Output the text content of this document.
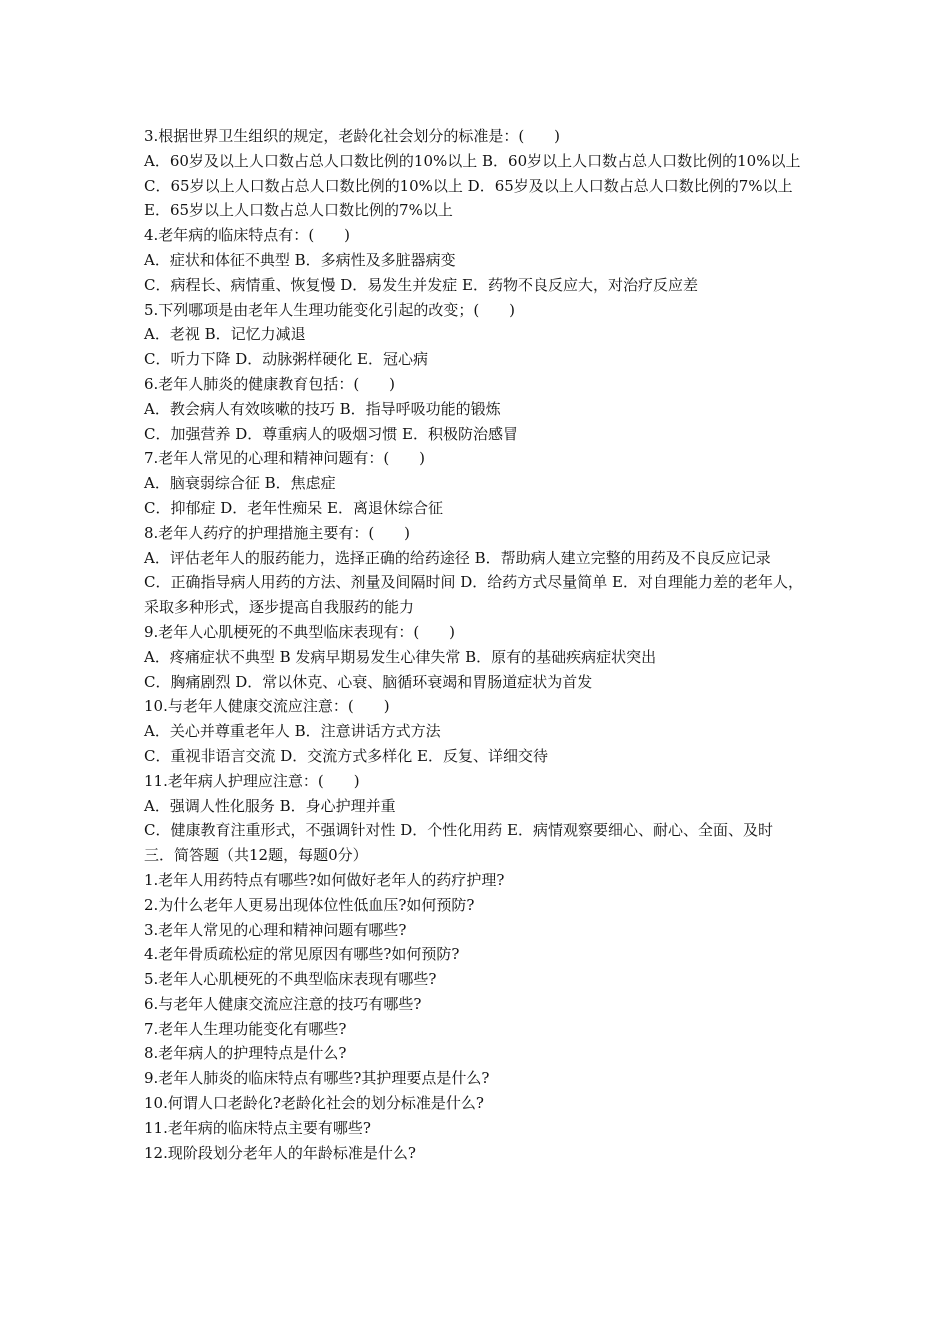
3.根据世界卫生组织的规定，老龄化社会划分的标准是：(　　)
A．60岁及以上人口数占总人口数比例的10%以上 B．60岁以上人口数占总人口数比例的10%以上
C．65岁以上人口数占总人口数比例的10%以上 D．65岁及以上人口数占总人口数比例的7%以上 E．65岁以上人口数占总人口数比例的7%以上
4.老年病的临床特点有：(　　)
A．症状和体征不典型 B．多病性及多脏器病变
C．病程长、病情重、恢复慢 D．易发生并发症 E．药物不良反应大，对治疗反应差
5.下列哪项是由老年人生理功能变化引起的改变；(　　)
A．老视 B．记忆力减退
C．听力下降 D．动脉粥样硬化 E．冠心病
6.老年人肺炎的健康教育包括：(　　)
A．教会病人有效咳嗽的技巧 B．指导呼吸功能的锻炼
C．加强营养 D．尊重病人的吸烟习惯 E．积极防治感冒
7.老年人常见的心理和精神问题有：(　　)
A．脑衰弱综合征 B．焦虑症
C．抑郁症 D．老年性痴呆 E．离退休综合征
8.老年人药疗的护理措施主要有：(　　)
A．评估老年人的服药能力，选择正确的给药途径 B．帮助病人建立完整的用药及不良反应记录
C．正确指导病人用药的方法、剂量及间隔时间 D．给药方式尽量简单 E．对自理能力差的老年人，采取多种形式，逐步提高自我服药的能力
9.老年人心肌梗死的不典型临床表现有：(　　)
A．疼痛症状不典型 B 发病早期易发生心律失常 B．原有的基础疾病症状突出
C．胸痛剧烈 D．常以休克、心衰、脑循环衰竭和胃肠道症状为首发
10.与老年人健康交流应注意：(　　)
A．关心并尊重老年人 B．注意讲话方式方法
C．重视非语言交流 D．交流方式多样化 E．反复、详细交待
11.老年病人护理应注意：(　　)
A．强调人性化服务 B．身心护理并重
C．健康教育注重形式，不强调针对性 D．个性化用药 E．病情观察要细心、耐心、全面、及时
三．简答题（共12题，每题0分）
1.老年人用药特点有哪些?如何做好老年人的药疗护理?
2.为什么老年人更易出现体位性低血压?如何预防?
3.老年人常见的心理和精神问题有哪些?
4.老年骨质疏松症的常见原因有哪些?如何预防?
5.老年人心肌梗死的不典型临床表现有哪些?
6.与老年人健康交流应注意的技巧有哪些?
7.老年人生理功能变化有哪些?
8.老年病人的护理特点是什么?
9.老年人肺炎的临床特点有哪些?其护理要点是什么?
10.何谓人口老龄化?老龄化社会的划分标准是什么?
11.老年病的临床特点主要有哪些?
12.现阶段划分老年人的年龄标准是什么?
